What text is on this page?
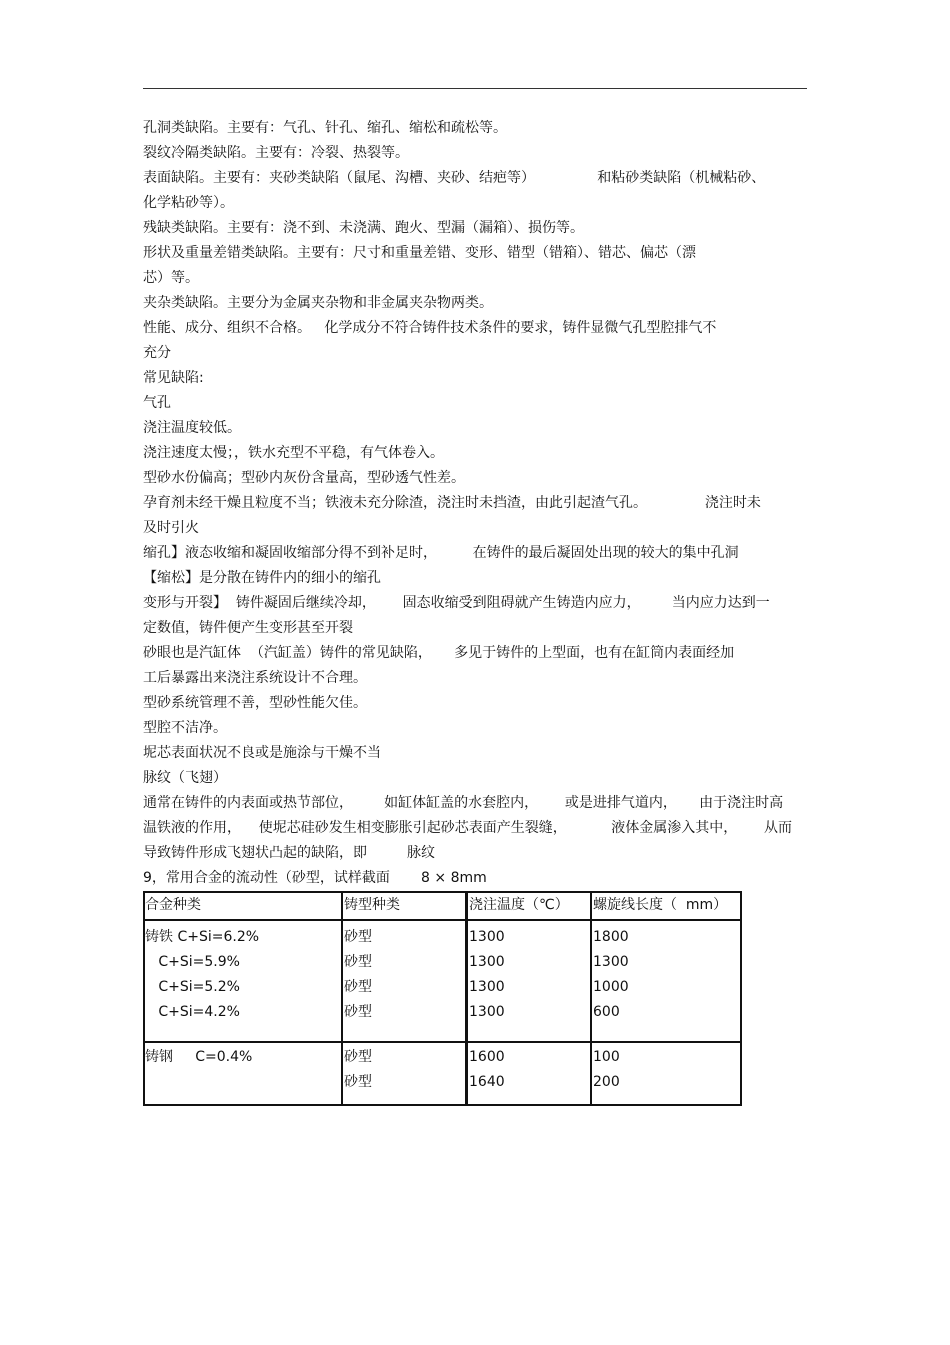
孔洞类缺陷。主要有：气孔、针孔、缩孔、缩松和疏松等。
裂纹冷隔类缺陷。主要有：冷裂、热裂等。
表面缺陷。主要有：夹砂类缺陷（鼠尾、沟槽、夹砂、结疤等）              和粘砂类缺陷（机械粘砂、
化学粘砂等）。
残缺类缺陷。主要有：浇不到、未浇满、跑火、型漏（漏箱）、损伤等。
形状及重量差错类缺陷。主要有：尺寸和重量差错、变形、错型（错箱）、错芯、偏芯（漂
芯）等。
夹杂类缺陷。主要分为金属夹杂物和非金属夹杂物两类。
性能、成分、组织不合格。   化学成分不符合铸件技术条件的要求，铸件显微气孔型腔排气不
充分
常见缺陷:
气孔
浇注温度较低。
浇注速度太慢；，铁水充型不平稳，有气体卷入。
型砂水份偏高；型砂内灰份含量高，型砂透气性差。
孕育剂未经干燥且粒度不当；铁液未充分除渣，浇注时未挡渣，由此引起渣气孔。             浇注时未
及时引火
缩孔】液态收缩和凝固收缩部分得不到补足时，        在铸件的最后凝固处出现的较大的集中孔洞
【缩松】是分散在铸件内的细小的缩孔
变形与开裂】  铸件凝固后继续冷却，      固态收缩受到阻碍就产生铸造内应力，       当内应力达到一
定数值，铸件便产生变形甚至开裂
砂眼也是汽缸体  （汽缸盖）铸件的常见缺陷，     多见于铸件的上型面，也有在缸筒内表面经加
工后暴露出来浇注系统设计不合理。
型砂系统管理不善，型砂性能欠佳。
型腔不洁净。
坭芯表面状况不良或是施涂与干燥不当
脉纹（飞翅）
通常在铸件的内表面或热节部位，       如缸体缸盖的水套腔内，      或是进排气道内，     由于浇注时高
温铁液的作用，    使坭芯硅砂发生相变膨胀引起砂芯表面产生裂缝，          液体金属渗入其中，      从而
导致铸件形成飞翅状凸起的缺陷，即         脉纹
9，常用合金的流动性（砂型，试样截面       8 × 8mm
合金种类	铸型种类	浇注温度（℃） 螺旋线长度（  mm）
铸铁 C+Si=6.2%
C+Si=5.9%
C+Si=5.2%
C+Si=4.2%
铸钢     C=0.4%
砂型
砂型
砂型
砂型
砂型
砂型
1300
1300
1300
1300
1600
1640
1800
1300
1000
600
100
200
